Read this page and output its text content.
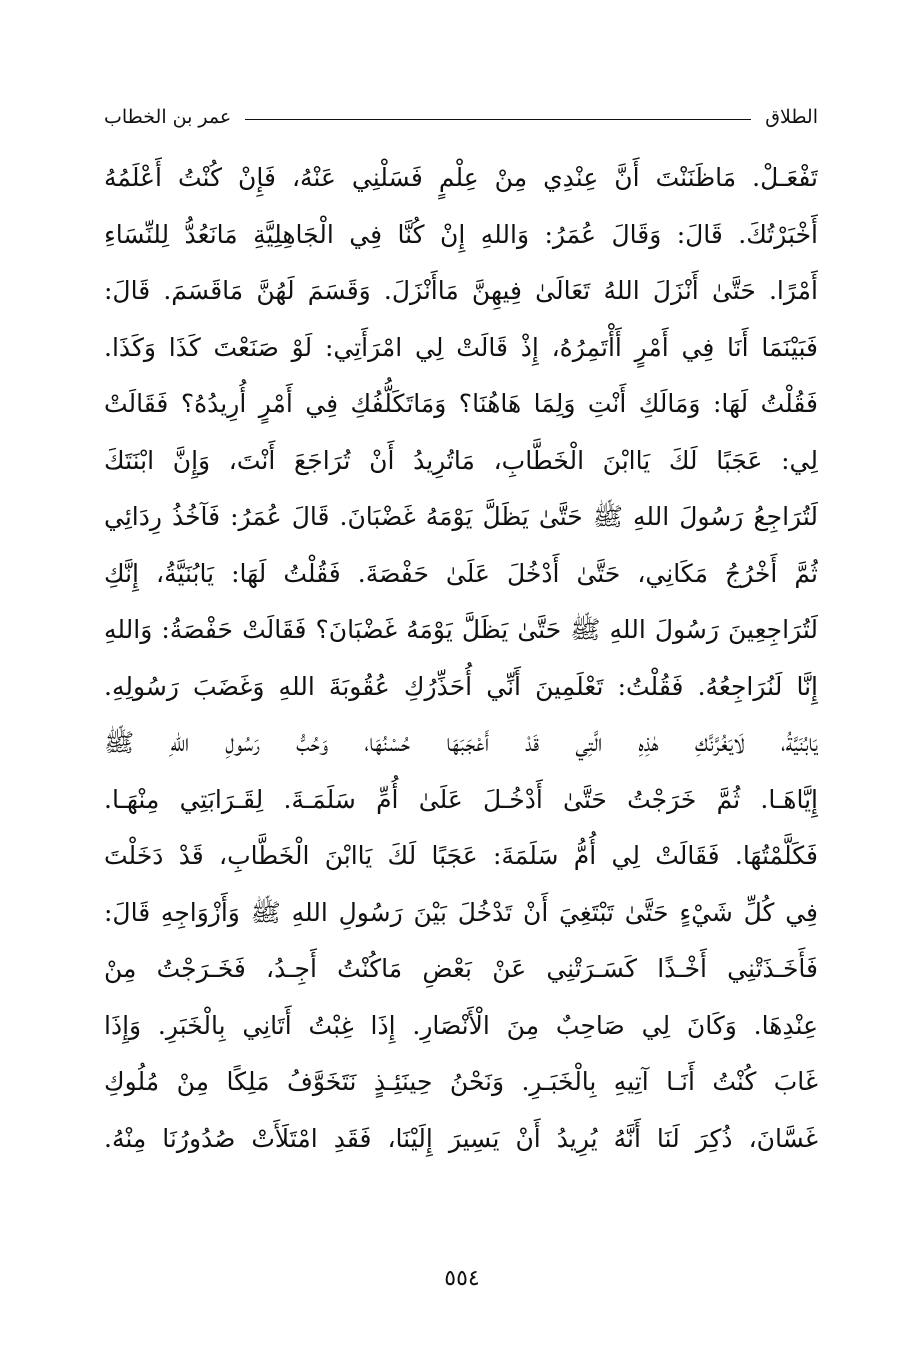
الطلاق
عمر بن الخطاب
تَفْعَـلْ. مَاظَنَنْتَ أَنَّ عِنْدِي مِنْ عِلْمٍ فَسَلْنِي عَنْهُ، فَإِنْ كُنْتُ أَعْلَمُهُ
أَخْبَرْتُكَ. قَالَ: وَقَالَ عُمَرُ: وَاللهِ إِنْ كُنَّا فِي الْجَاهِلِيَّةِ مَانَعُدُّ لِلنِّسَاءِ
أَمْرًا. حَتَّىٰ أَنْزَلَ اللهُ تَعَالَىٰ فِيهِنَّ مَاأَنْزَلَ. وَقَسَمَ لَهُنَّ مَاقَسَمَ. قَالَ:
فَبَيْنَمَا أَنَا فِي أَمْرٍ أَأْتَمِرُهُ، إِذْ قَالَتْ لِي امْرَأَتِي: لَوْ صَنَعْتَ كَذَا وَكَذَا.
فَقُلْتُ لَهَا: وَمَالَكِ أَنْتِ وَلِمَا هَاهُنَا؟ وَمَاتَكَلُّفُكِ فِي أَمْرٍ أُرِيدُهُ؟ فَقَالَتْ
لِي: عَجَبًا لَكَ يَاابْنَ الْخَطَّابِ، مَاتُرِيدُ أَنْ تُرَاجَعَ أَنْتَ، وَإِنَّ ابْنَتَكَ
لَتُرَاجِعُ رَسُولَ اللهِ ﷺ حَتَّىٰ يَظَلَّ يَوْمَهُ غَضْبَانَ. قَالَ عُمَرُ: فَآخُذُ رِدَائِي
ثُمَّ أَخْرُجُ مَكَانِي، حَتَّىٰ أَدْخُلَ عَلَىٰ حَفْصَةَ. فَقُلْتُ لَهَا: يَابُنَيَّةُ، إِنَّكِ
لَتُرَاجِعِينَ رَسُولَ اللهِ ﷺ حَتَّىٰ يَظَلَّ يَوْمَهُ غَضْبَانَ؟ فَقَالَتْ حَفْصَةُ: وَاللهِ
إِنَّا لَنُرَاجِعُهُ. فَقُلْتُ: تَعْلَمِينَ أَنِّي أُحَذِّرُكِ عُقُوبَةَ اللهِ وَغَضَبَ رَسُولِهِ.
يَابُنَيَّةُ، لَايَغُرَّنَّكِ هٰذِهِ الَّتِي قَدْ أَعْجَبَهَا حُسْنُهَا، وَحُبُّ رَسُولِ اللهِ ﷺ
إِيَّاهَـا. ثُمَّ خَرَجْتُ حَتَّىٰ أَدْخُـلَ عَلَىٰ أُمِّ سَلَمَـةَ. لِقَـرَابَتِي مِنْهَـا.
فَكَلَّمْتُهَا. فَقَالَتْ لِي أُمُّ سَلَمَةَ: عَجَبًا لَكَ يَاابْنَ الْخَطَّابِ، قَدْ دَخَلْتَ
فِي كُلِّ شَيْءٍ حَتَّىٰ تَبْتَغِيَ أَنْ تَدْخُلَ بَيْنَ رَسُولِ اللهِ ﷺ وَأَزْوَاجِهِ قَالَ:
فَأَخَـذَتْنِي أَخْـذًا كَسَـرَتْنِي عَنْ بَعْضِ مَاكُنْتُ أَجِـدُ، فَخَـرَجْتُ مِنْ
عِنْدِهَا. وَكَانَ لِي صَاحِبٌ مِنَ الْأَنْصَارِ. إِذَا غِبْتُ أَتَانِي بِالْخَبَرِ. وَإِذَا
غَابَ كُنْتُ أَنَـا آتِيهِ بِالْخَبَـرِ. وَنَحْنُ حِينَئِـذٍ نَتَخَوَّفُ مَلِكًا مِنْ مُلُوكِ
غَسَّانَ، ذُكِرَ لَنَا أَنَّهُ يُرِيدُ أَنْ يَسِيرَ إِلَيْنَا، فَقَدِ امْتَلَأَتْ صُدُورُنَا مِنْهُ.
٥٥٤
